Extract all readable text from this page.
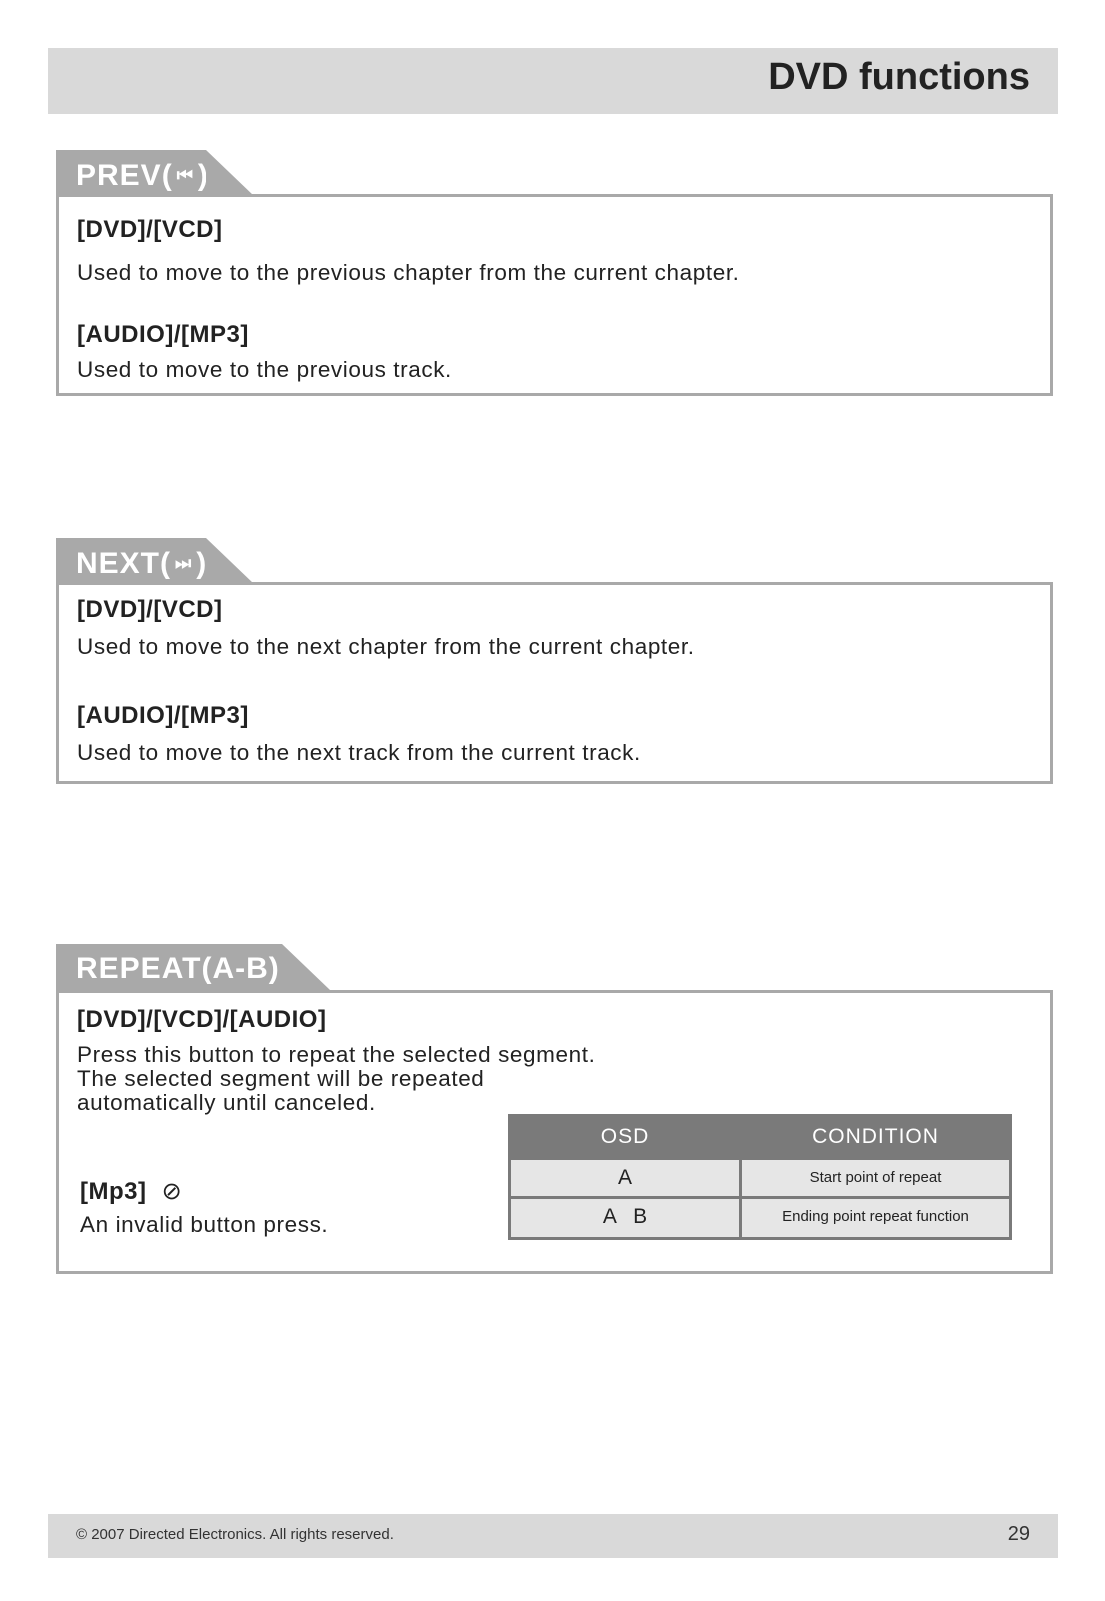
DVD functions
PREV( ⏮ )
[DVD]/[VCD]
Used to move to the previous chapter from the current chapter.
[AUDIO]/[MP3]
Used to move to the previous track.
NEXT( ⏭ )
[DVD]/[VCD]
Used to move to the next chapter from the current chapter.
[AUDIO]/[MP3]
Used to move to the next track from the current track.
REPEAT(A-B)
[DVD]/[VCD]/[AUDIO]
Press this button to repeat the selected segment.
The selected segment will be repeated
automatically until canceled.
[Mp3] ⊘
An invalid button press.
OSD	CONDITION
A	Start point of repeat
A   B	Ending point repeat function
© 2007 Directed Electronics. All rights reserved.	29
